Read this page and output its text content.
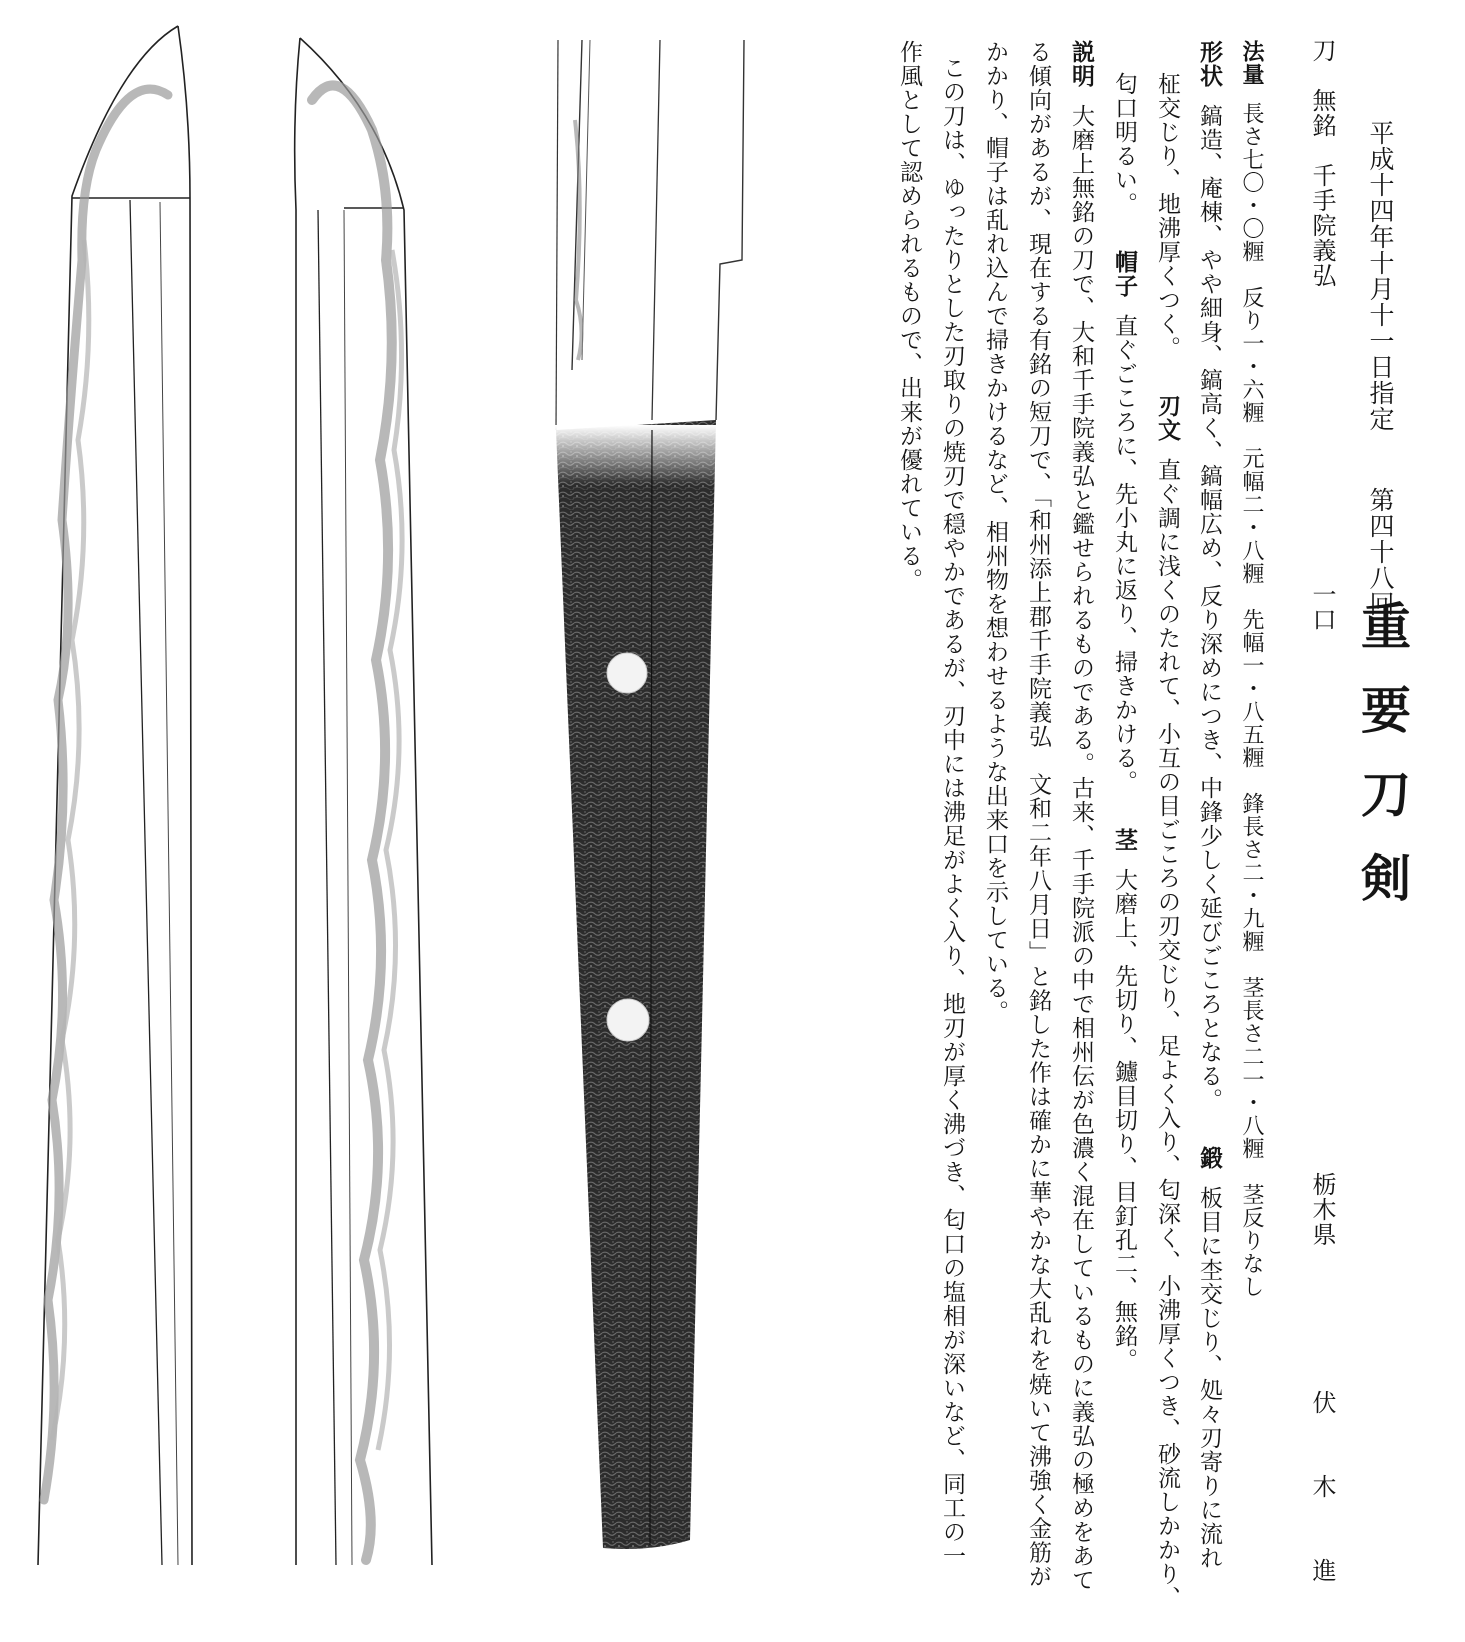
平成十四年十月十一日指定
第四十八回
重要刀剣
刀　無銘　千手院義弘
一口
栃木県
伏木進
法量長さ七〇・〇糎　反り一・六糎　元幅二・八糎　先幅一・八五糎　鋒長さ二・九糎　茎長さ二一・八糎　茎反りなし
形状鎬造、庵棟、やや細身、鎬高く、鎬幅広め、反り深めにつき、中鋒少しく延びごころとなる。鍛板目に杢交じり、処々刃寄りに流れ
柾交じり、地沸厚くつく。刃文直ぐ調に浅くのたれて、小互の目ごころの刃交じり、足よく入り、匂深く、小沸厚くつき、砂流しかかり、
匂口明るい。帽子直ぐごころに、先小丸に返り、掃きかける。茎大磨上、先切り、鑢目切り、目釘孔二、無銘。
説明大磨上無銘の刀で、大和千手院義弘と鑑せられるものである。古来、千手院派の中で相州伝が色濃く混在しているものに義弘の極めをあて
る傾向があるが、現在する有銘の短刀で、「和州添上郡千手院義弘　文和二年八月日」と銘した作は確かに華やかな大乱れを焼いて沸強く金筋が
かかり、帽子は乱れ込んで掃きかけるなど、相州物を想わせるような出来口を示している。
この刀は、ゆったりとした刃取りの焼刃で穏やかであるが、刃中には沸足がよく入り、地刃が厚く沸づき、匂口の塩相が深いなど、同工の一
作風として認められるもので、出来が優れている。
